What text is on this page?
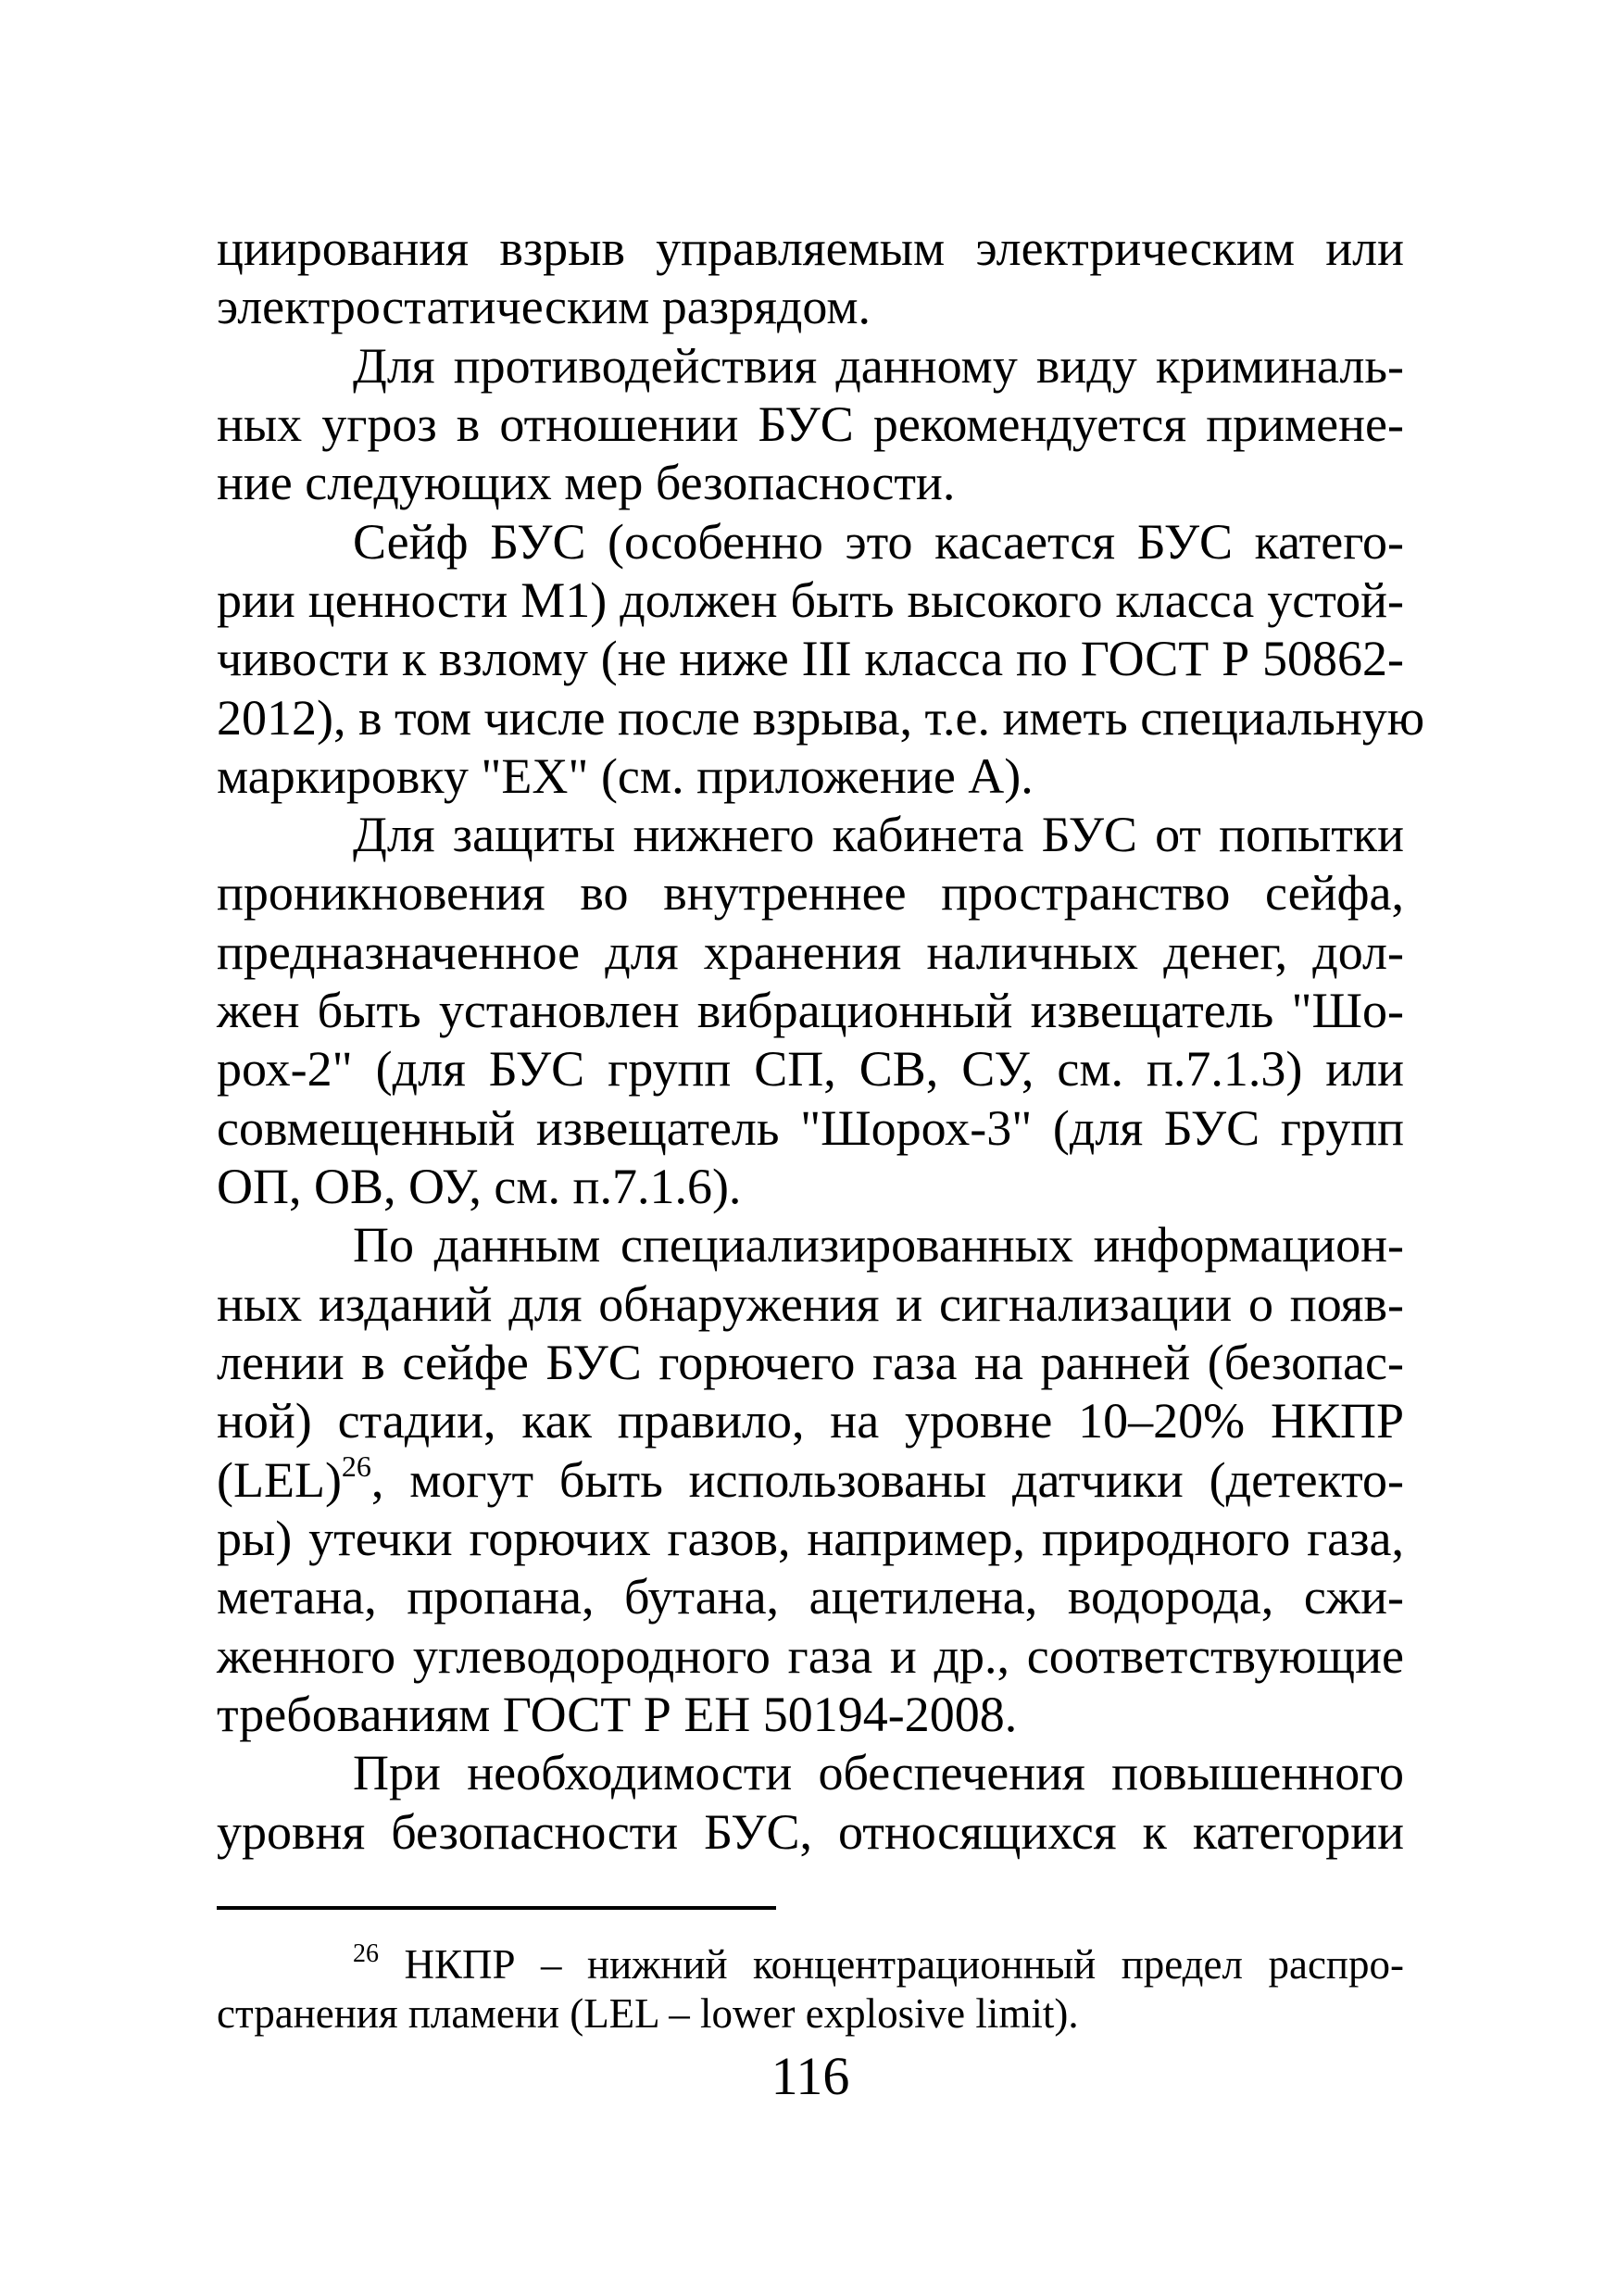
циирования взрыв управляемым электрическим или
электростатическим разрядом.
Для противодействия данному виду криминаль-
ных угроз в отношении БУС рекомендуется примене-
ние следующих мер безопасности.
Сейф БУС (особенно это касается БУС катего-
рии ценности М1) должен быть высокого класса устой-
чивости к взлому (не ниже III класса по ГОСТ Р 50862-
2012), в том числе после взрыва, т.е. иметь специальную
маркировку "EX" (см. приложение А).
Для защиты нижнего кабинета БУС от попытки
проникновения во внутреннее пространство сейфа,
предназначенное для хранения наличных денег, дол-
жен быть установлен вибрационный извещатель "Шо-
рох-2" (для БУС групп СП, СВ, СУ, см. п.7.1.3) или
совмещенный извещатель "Шорох-3" (для БУС групп
ОП, ОВ, ОУ, см. п.7.1.6).
По данным специализированных информацион-
ных изданий для обнаружения и сигнализации о появ-
лении в сейфе БУС горючего газа на ранней (безопас-
ной) стадии, как правило, на уровне 10–20% НКПР
(LEL)$^{26}$, могут быть использованы датчики (детекто-
ры) утечки горючих газов, например, природного газа,
метана, пропана, бутана, ацетилена, водорода, сжи-
женного углеводородного газа и др., соответствующие
требованиям ГОСТ Р ЕН 50194-2008.
При необходимости обеспечения повышенного
уровня безопасности БУС, относящихся к категории
$^{26}$ НКПР – нижний концентрационный предел распро-
странения пламени (LEL – lower explosive limit).
116
